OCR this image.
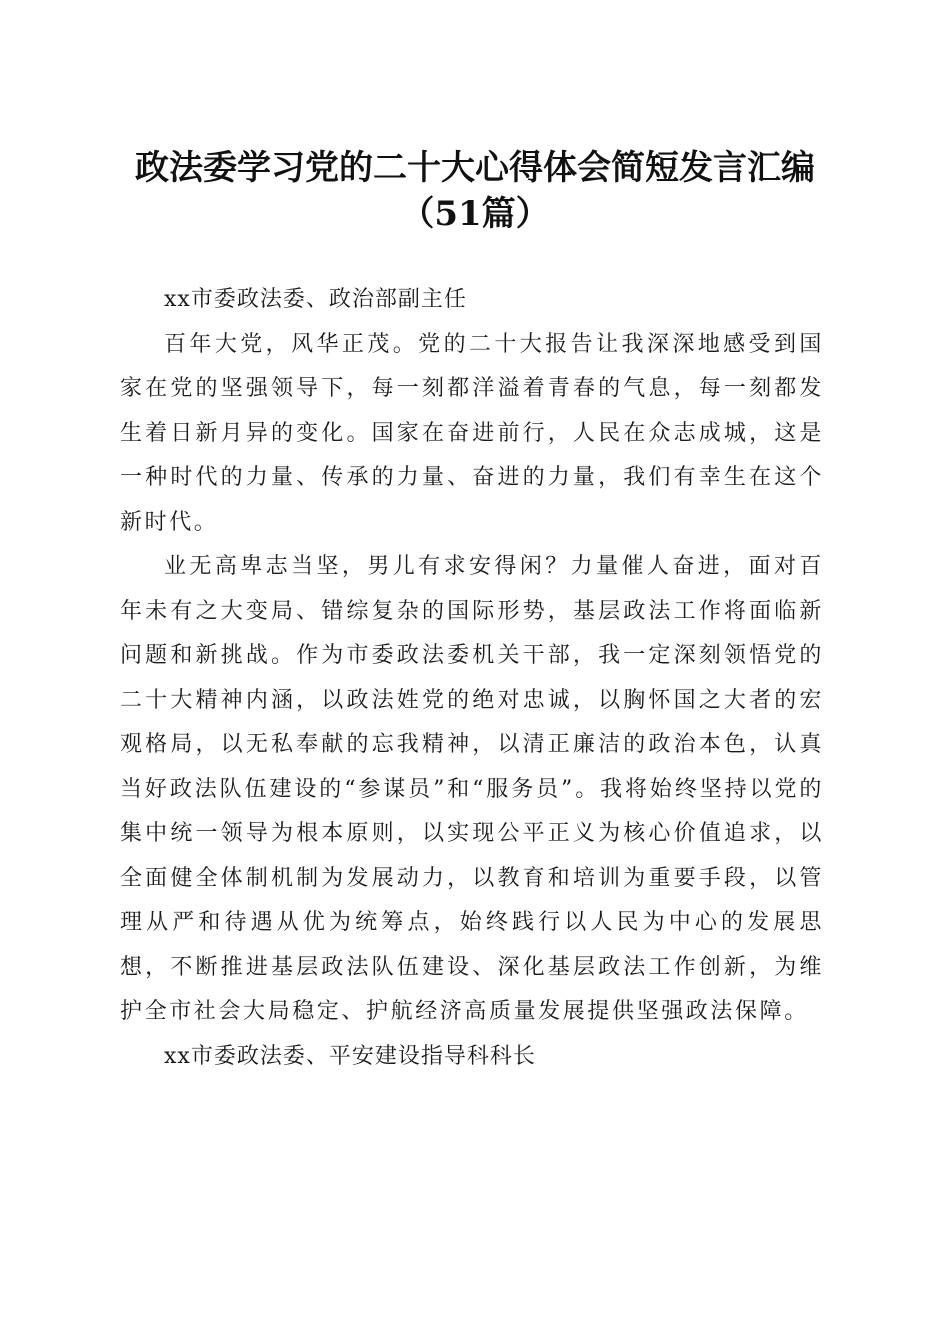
政法委学习党的二十大心得体会简短发言汇编
（51篇）

xx市委政法委、政治部副主任

百年大党，风华正茂。党的二十大报告让我深深地感受到国家在党的坚强领导下，每一刻都洋溢着青春的气息，每一刻都发生着日新月异的变化。国家在奋进前行，人民在众志成城，这是一种时代的力量、传承的力量、奋进的力量，我们有幸生在这个新时代。

业无高卑志当坚，男儿有求安得闲？力量催人奋进，面对百年未有之大变局、错综复杂的国际形势，基层政法工作将面临新问题和新挑战。作为市委政法委机关干部，我一定深刻领悟党的二十大精神内涵，以政法姓党的绝对忠诚，以胸怀国之大者的宏观格局，以无私奉献的忘我精神，以清正廉洁的政治本色，认真当好政法队伍建设的“参谋员”和“服务员”。我将始终坚持以党的集中统一领导为根本原则，以实现公平正义为核心价值追求，以全面健全体制机制为发展动力，以教育和培训为重要手段，以管理从严和待遇从优为统筹点，始终践行以人民为中心的发展思想，不断推进基层政法队伍建设、深化基层政法工作创新，为维护全市社会大局稳定、护航经济高质量发展提供坚强政法保障。

xx市委政法委、平安建设指导科科长
